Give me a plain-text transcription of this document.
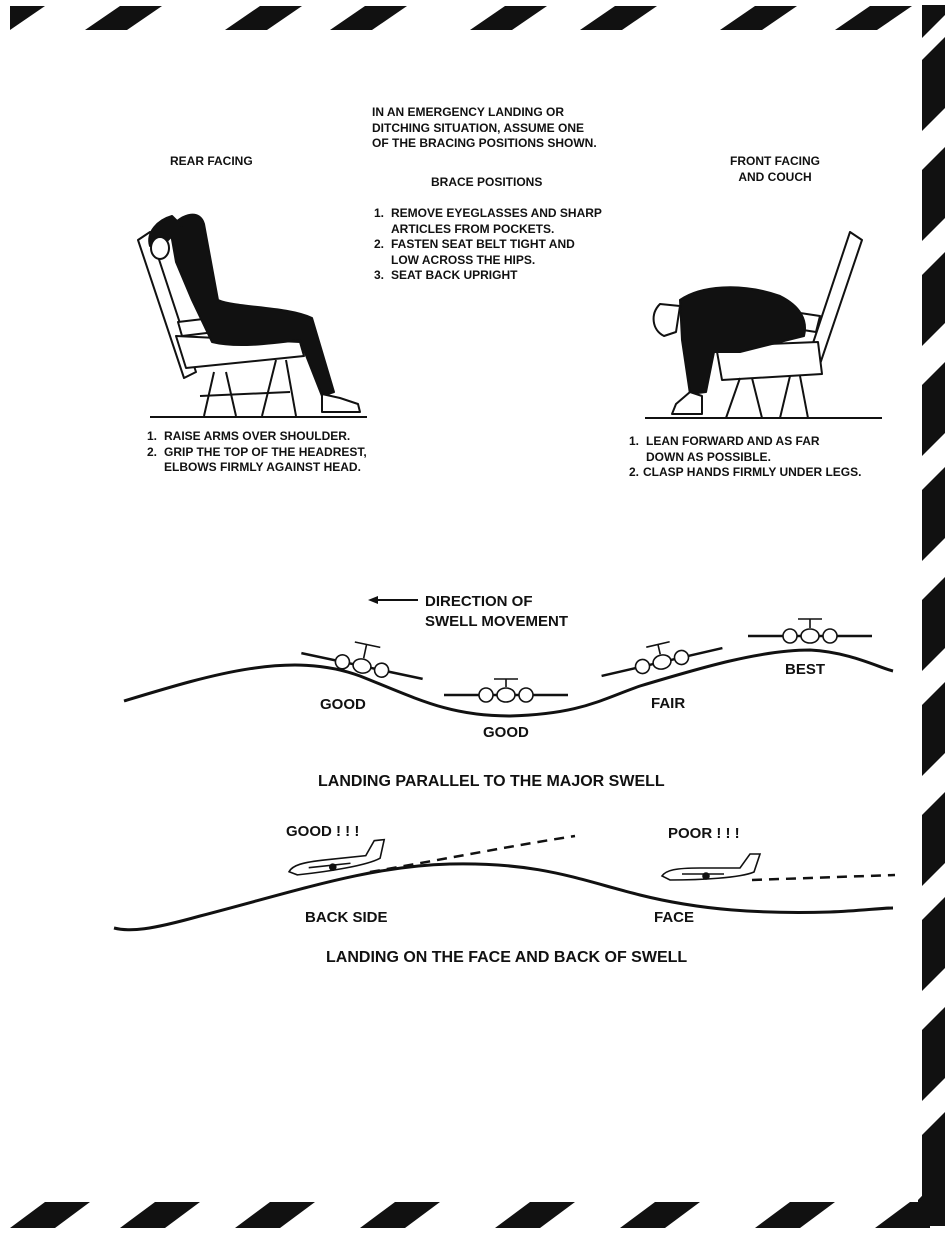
IN AN EMERGENCY LANDING OR
DITCHING SITUATION, ASSUME ONE
OF THE BRACING POSITIONS SHOWN.
REAR FACING	FRONT FACING
AND COUCH
BRACE POSITIONS
1. REMOVE EYEGLASSES AND SHARP
ARTICLES FROM POCKETS.
2. FASTEN SEAT BELT TIGHT AND
LOW ACROSS THE HIPS.
3. SEAT BACK UPRIGHT
1. RAISE ARMS OVER SHOULDER.
2. GRIP THE TOP OF THE HEADREST,
ELBOWS FIRMLY AGAINST HEAD.
1. LEAN FORWARD AND AS FAR
DOWN AS POSSIBLE.
2. CLASP HANDS FIRMLY UNDER LEGS.
DIRECTION OF
SWELL MOVEMENT
GOOD
GOOD
FAIR
BEST
LANDING PARALLEL TO THE MAJOR SWELL
GOOD ! ! !	POOR ! ! !
BACK SIDE	FACE
LANDING ON THE FACE AND BACK OF SWELL
